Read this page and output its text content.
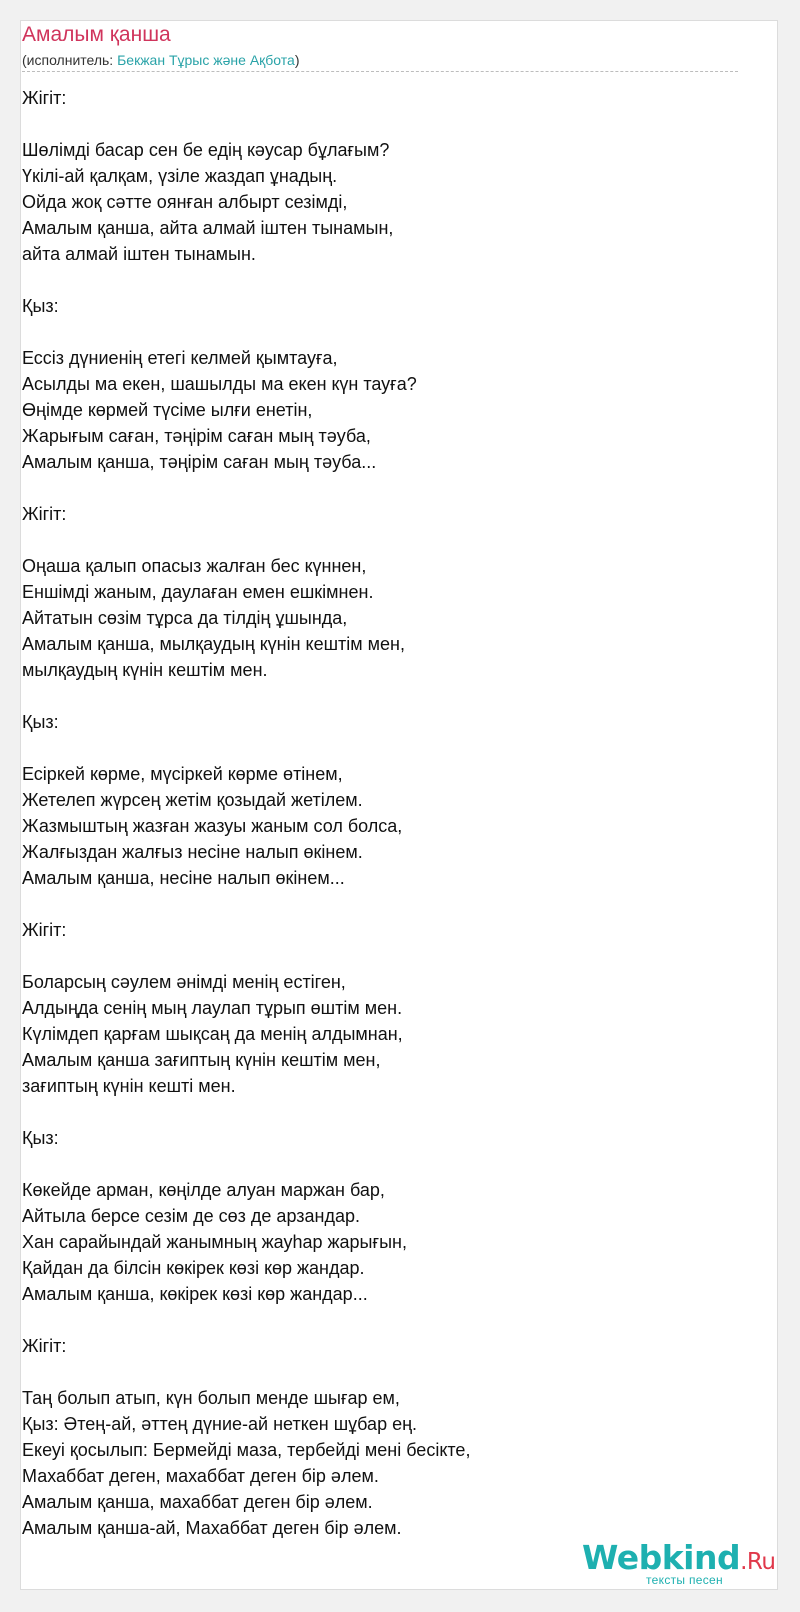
Амалым қанша
(исполнитель: Бекжан Тұрыс және Ақбота)
Жігіт:
Шөлімді басар сен бе едің кәусар бұлағым?
Үкілі-ай қалқам, үзіле жаздап ұнадың.
Ойда жоқ сәтте оянған албырт сезімді,
Амалым қанша, айта алмай іштен тынамын,
айта алмай іштен тынамын.
Қыз:
Ессіз дүниенің етегі келмей қымтауға,
Асылды ма екен, шашылды ма екен күн тауға?
Өңімде көрмей түсіме ылғи енетін,
Жарығым саған, тәңірім саған мың тәуба,
Амалым қанша, тәңірім саған мың тәуба...
Жігіт:
Оңаша қалып опасыз жалған бес күннен,
Еншімді жаным, даулаған емен ешкімнен.
Айтатын сөзім тұрса да тілдің ұшында,
Амалым қанша, мылқаудың күнін кештім мен,
мылқаудың күнін кештім мен.
Қыз:
Есіркей көрме, мүсіркей көрме өтінем,
Жетелеп жүрсең жетім қозыдай жетілем.
Жазмыштың жазған жазуы жаным сол болса,
Жалғыздан жалғыз несіне налып өкінем.
Амалым қанша, несіне налып өкінем...
Жігіт:
Боларсың сәулем әнімді менің естіген,
Алдыңда сенің мың лаулап тұрып өштім мен.
Күлімдеп қарғам шықсаң да менің алдымнан,
Амалым қанша зағиптың күнін кештім мен,
зағиптың күнін кешті мен.
Қыз:
Көкейде арман, көңілде алуан маржан бар,
Айтыла берсе сезім де сөз де арзандар.
Хан сарайындай жанымның жауһар жарығын,
Қайдан да білсін көкірек көзі көр жандар.
Амалым қанша, көкірек көзі көр жандар...
Жігіт:
Таң болып атып, күн болып менде шығар ем,
Қыз: Әтең-ай, әттең дүние-ай неткен шұбар ең.
Екеуі қосылып: Бермейді маза, тербейді мені бесікте,
Махаббат деген, махаббат деген бір әлем.
Амалым қанша, махаббат деген бір әлем.
Амалым қанша-ай, Махаббат деген бір әлем.
Webkind.Ru
тексты песен
